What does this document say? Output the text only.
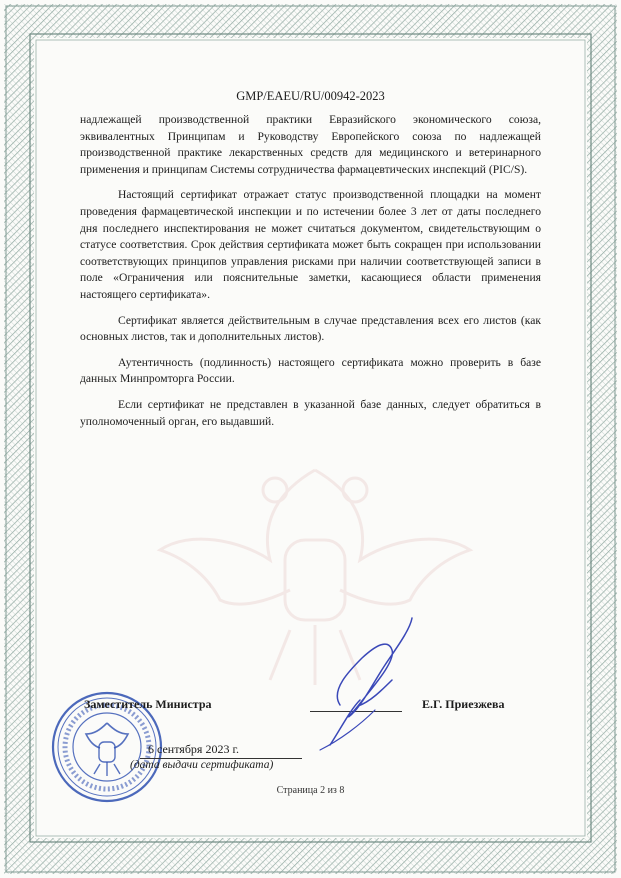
GMP/EAEU/RU/00942-2023

надлежащей производственной практики Евразийского экономического союза, эквивалентных Принципам и Руководству Европейского союза по надлежащей производственной практике лекарственных средств для медицинского и ветеринарного применения и принципам Системы сотрудничества фармацевтических инспекций (PIC/S).

Настоящий сертификат отражает статус производственной площадки на момент проведения фармацевтической инспекции и по истечении более 3 лет от даты последнего дня последнего инспектирования не может считаться документом, свидетельствующим о статусе соответствия. Срок действия сертификата может быть сокращен при использовании соответствующих принципов управления рисками при наличии соответствующей записи в поле «Ограничения или пояснительные заметки, касающиеся области применения настоящего сертификата».

Сертификат является действительным в случае представления всех его листов (как основных листов, так и дополнительных листов).

Аутентичность (подлинность) настоящего сертификата можно проверить в базе данных Минпромторга России.

Если сертификат не представлен в указанной базе данных, следует обратиться в уполномоченный орган, его выдавший.

Заместитель Министра	Е.Г. Приезжева
6 сентября 2023 г.
(дата выдачи сертификата)
Страница 2 из 8
